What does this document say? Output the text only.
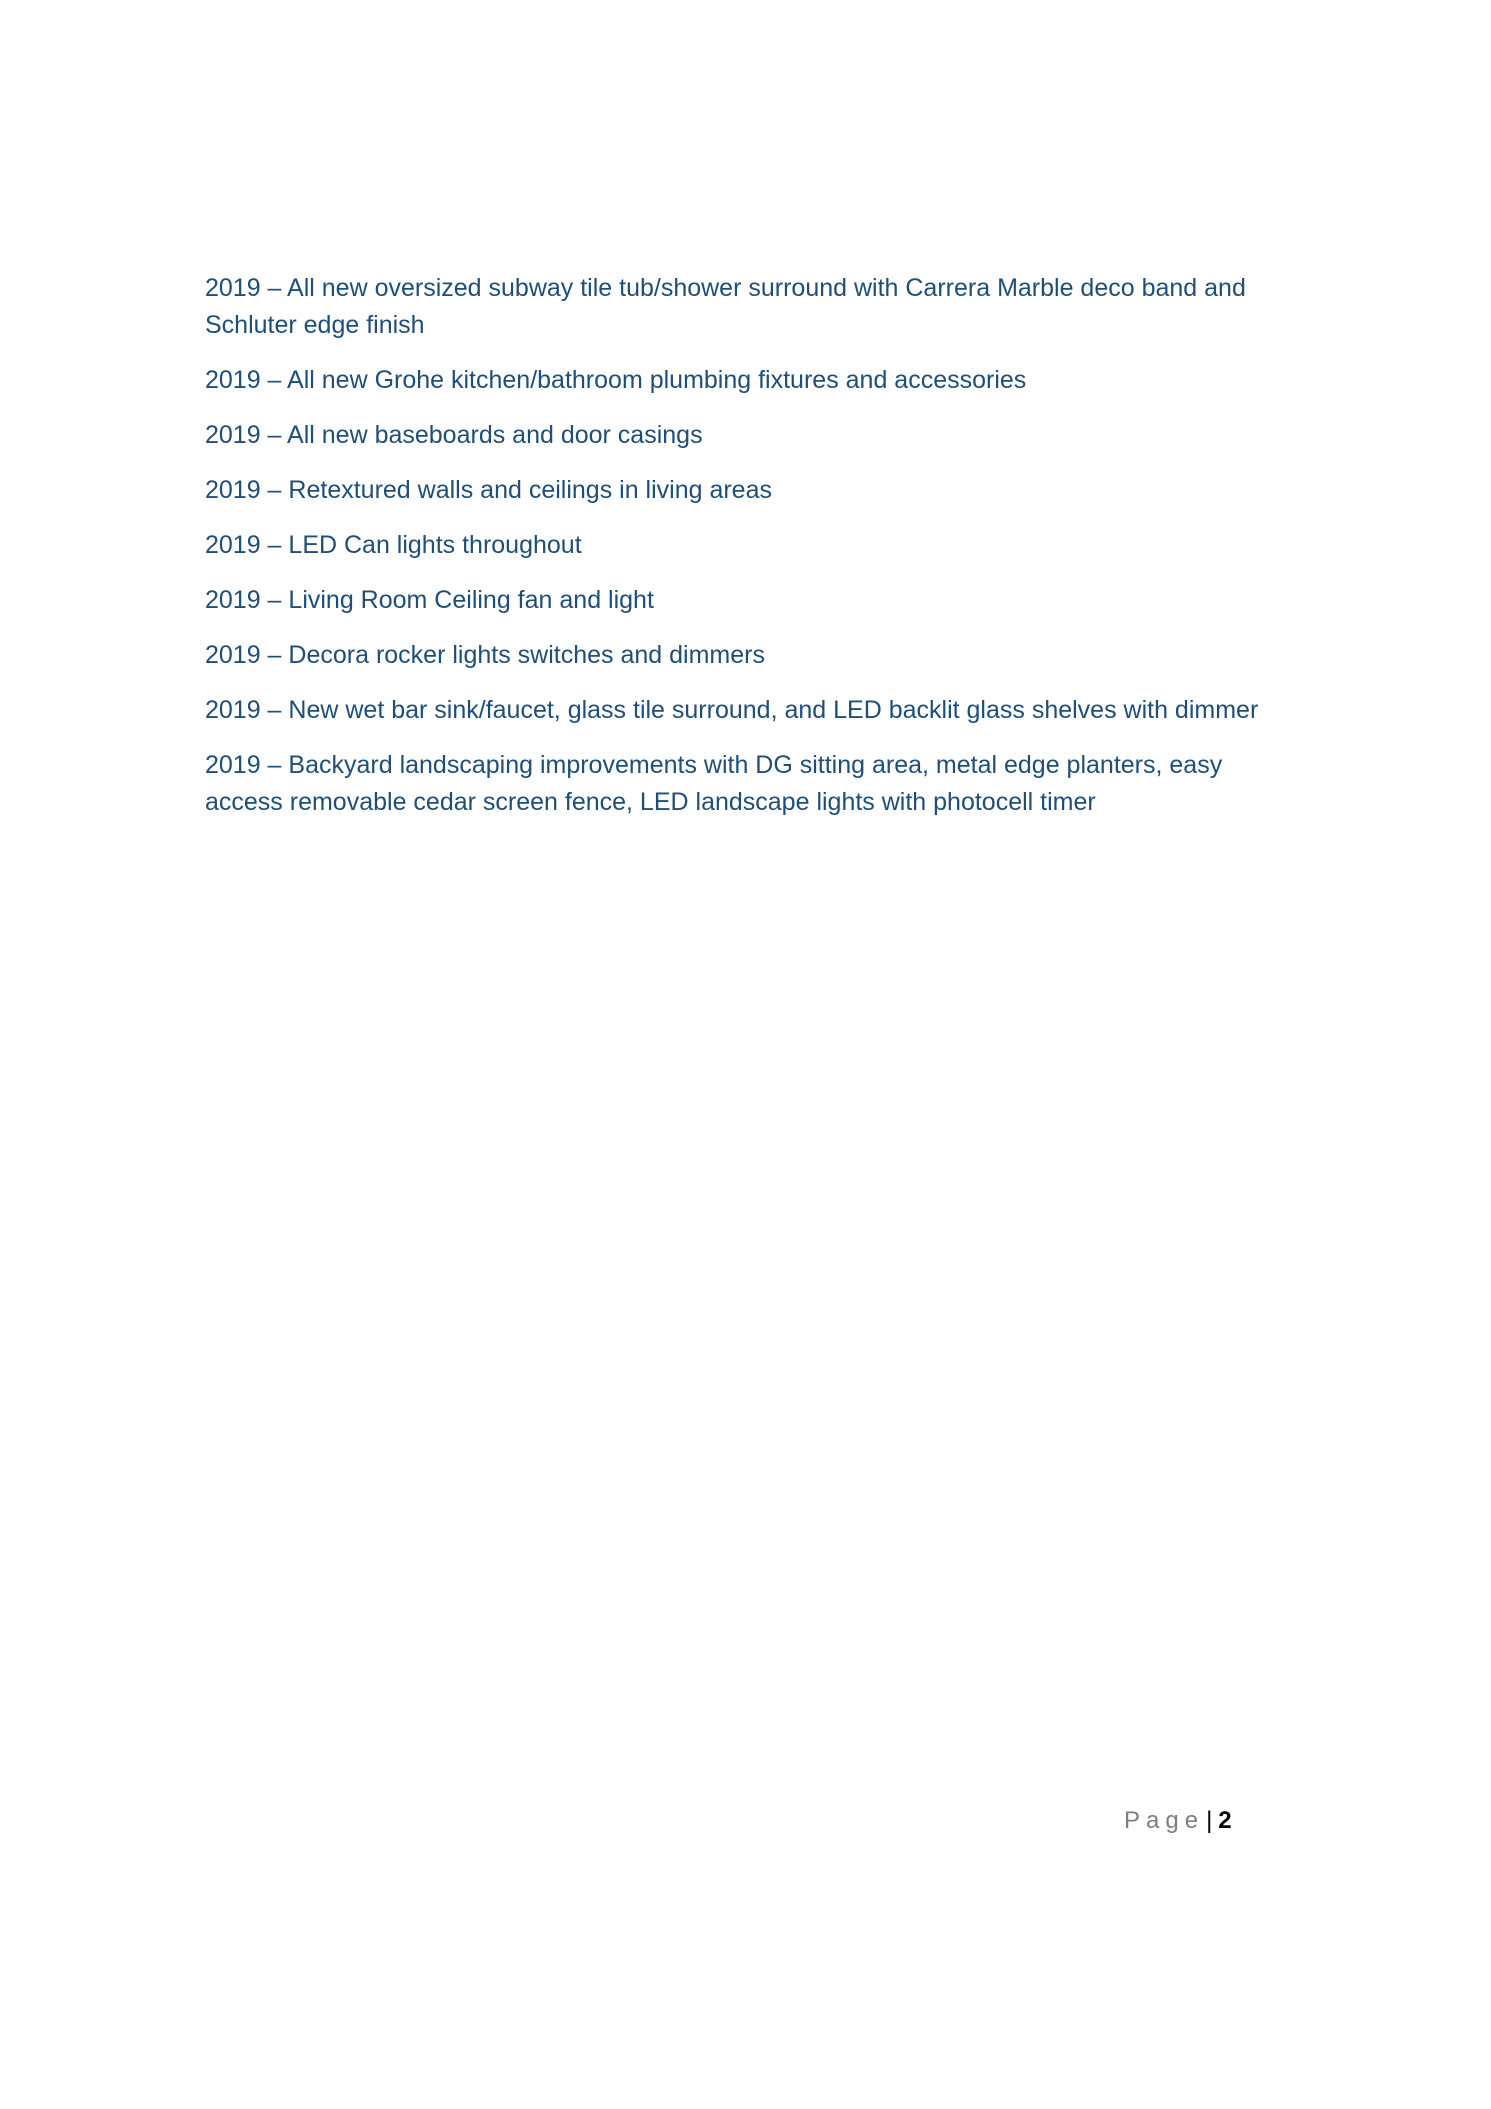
2019 – All new oversized subway tile tub/shower surround with Carrera Marble deco band and Schluter edge finish
2019 – All new Grohe kitchen/bathroom plumbing fixtures and accessories
2019 – All new baseboards and door casings
2019 – Retextured walls and ceilings in living areas
2019 – LED Can lights throughout
2019 – Living Room Ceiling fan and light
2019 – Decora rocker lights switches and dimmers
2019 – New wet bar sink/faucet, glass tile surround, and LED backlit glass shelves with dimmer
2019 – Backyard landscaping improvements with DG sitting area, metal edge planters, easy access removable cedar screen fence, LED landscape lights with photocell timer
Page| 2
